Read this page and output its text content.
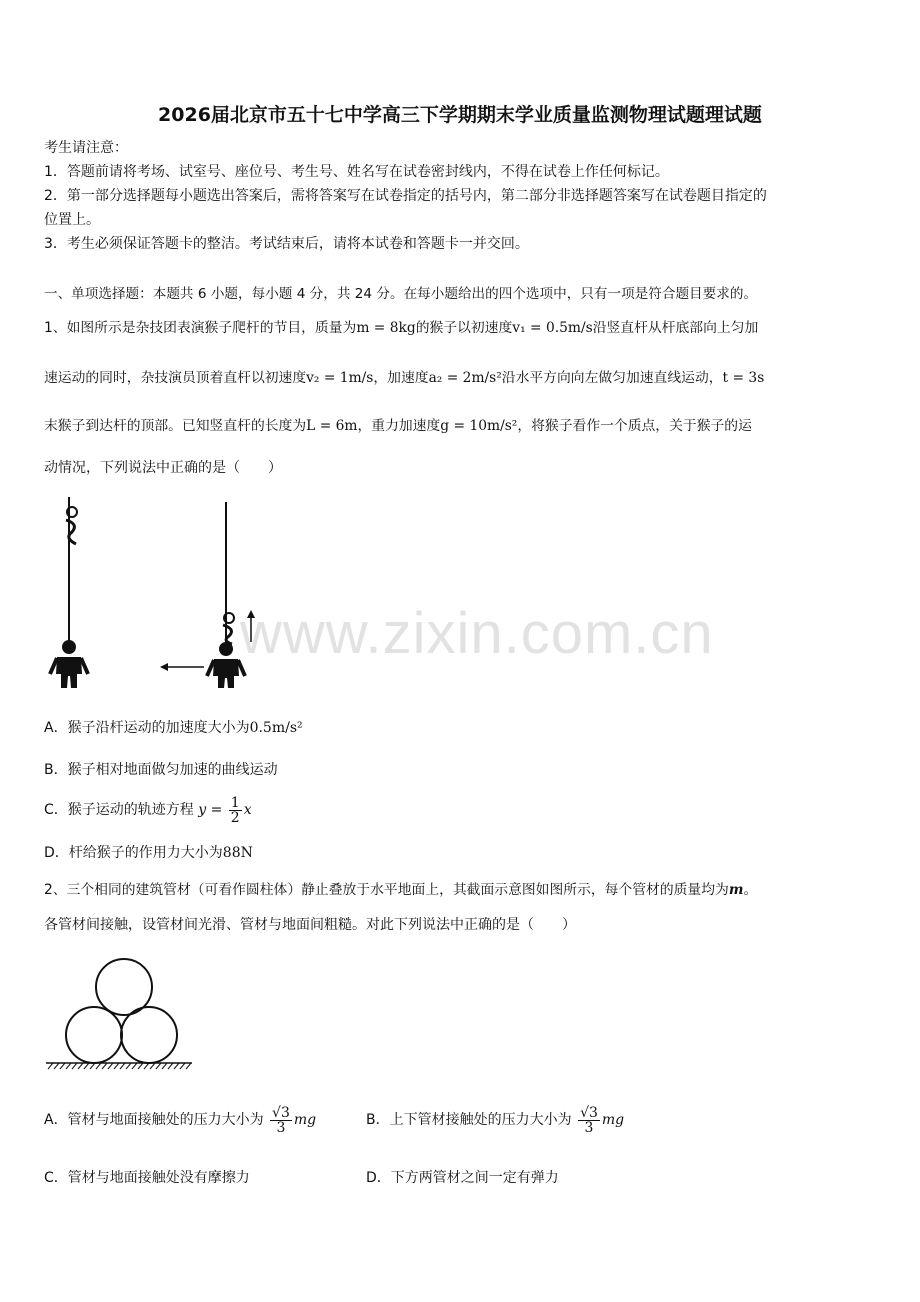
2026届北京市五十七中学高三下学期期末学业质量监测物理试题理试题
考生请注意：
1．答题前请将考场、试室号、座位号、考生号、姓名写在试卷密封线内，不得在试卷上作任何标记。
2．第一部分选择题每小题选出答案后，需将答案写在试卷指定的括号内，第二部分非选择题答案写在试卷题目指定的
位置上。
3．考生必须保证答题卡的整洁。考试结束后，请将本试卷和答题卡一并交回。
一、单项选择题：本题共 6 小题，每小题 4 分，共 24 分。在每小题给出的四个选项中，只有一项是符合题目要求的。
1、如图所示是杂技团表演猴子爬杆的节目，质量为m = 8kg的猴子以初速度v₁ = 0.5m/s沿竖直杆从杆底部向上匀加
速运动的同时，杂技演员顶着直杆以初速度v₂ = 1m/s，加速度a₂ = 2m/s²沿水平方向向左做匀加速直线运动，t = 3s
末猴子到达杆的顶部。已知竖直杆的长度为L = 6m，重力加速度g = 10m/s²，将猴子看作一个质点，关于猴子的运
动情况，下列说法中正确的是（　　）
www.zixin.com.cn
A．猴子沿杆运动的加速度大小为0.5m/s²
B．猴子相对地面做匀加速的曲线运动
C．猴子运动的轨迹方程 $y = \frac{1}{2}$ x
D．杆给猴子的作用力大小为88N
2、三个相同的建筑管材（可看作圆柱体）静止叠放于水平地面上，其截面示意图如图所示，每个管材的质量均为m。
各管材间接触，设管材间光滑、管材与地面间粗糙。对此下列说法中正确的是（　　）
A．管材与地面接触处的压力大小为 $\frac{√3}{3}$ mg	B．上下管材接触处的压力大小为 $\frac{√3}{3}$ mg
C．管材与地面接触处没有摩擦力	D．下方两管材之间一定有弹力
